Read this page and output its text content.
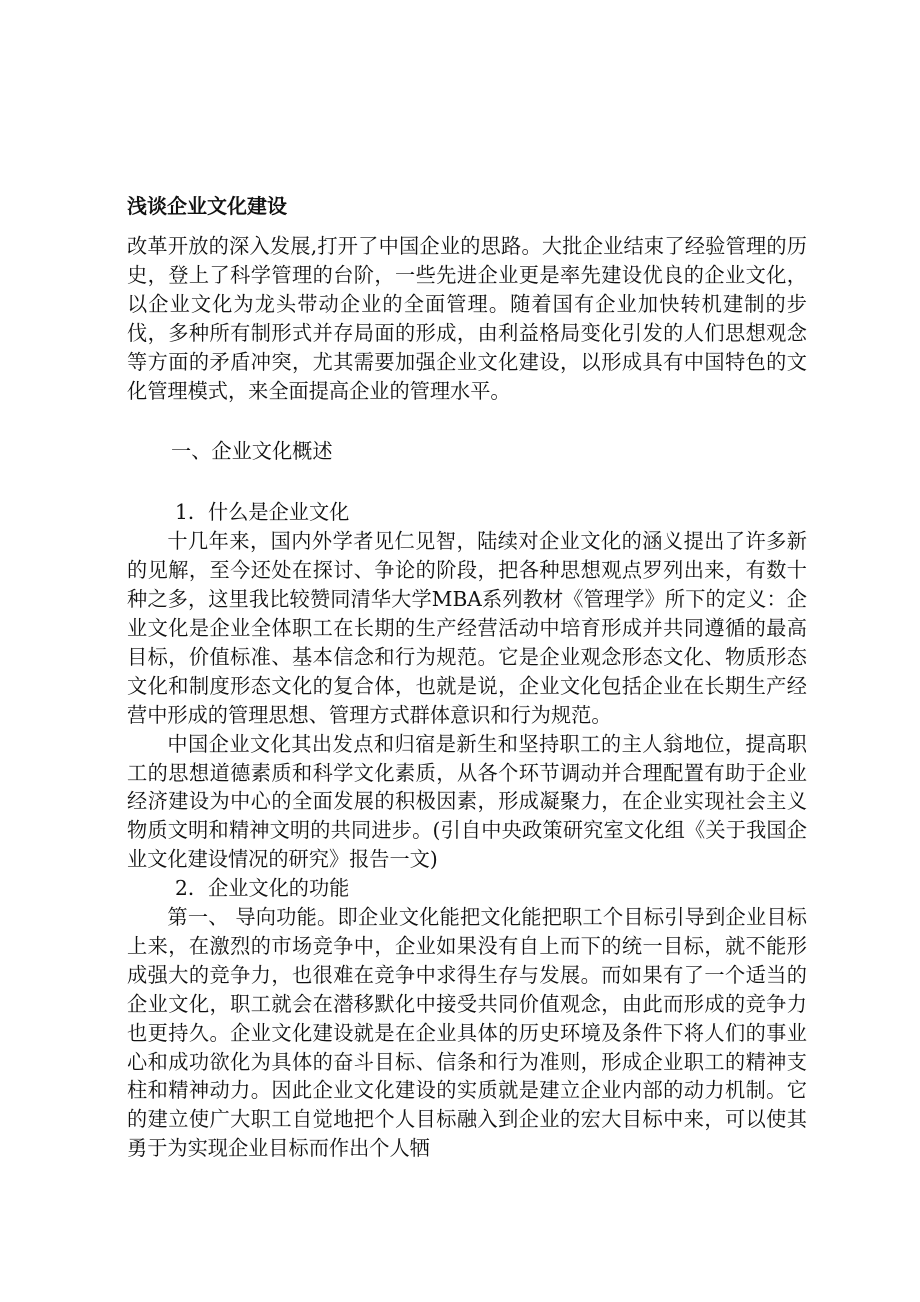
浅谈企业文化建设

改革开放的深入发展,打开了中国企业的思路。大批企业结束了经验管理的历史，登上了科学管理的台阶，一些先进企业更是率先建设优良的企业文化，以企业文化为龙头带动企业的全面管理。随着国有企业加快转机建制的步伐，多种所有制形式并存局面的形成，由利益格局变化引发的人们思想观念等方面的矛盾冲突，尤其需要加强企业文化建设，以形成具有中国特色的文化管理模式，来全面提高企业的管理水平。

一、企业文化概述

1．什么是企业文化

十几年来，国内外学者见仁见智，陆续对企业文化的涵义提出了许多新的见解，至今还处在探讨、争论的阶段，把各种思想观点罗列出来，有数十种之多，这里我比较赞同清华大学MBA系列教材《管理学》所下的定义：企业文化是企业全体职工在长期的生产经营活动中培育形成并共同遵循的最高目标，价值标准、基本信念和行为规范。它是企业观念形态文化、物质形态文化和制度形态文化的复合体，也就是说，企业文化包括企业在长期生产经营中形成的管理思想、管理方式群体意识和行为规范。

中国企业文化其出发点和归宿是新生和坚持职工的主人翁地位，提高职工的思想道德素质和科学文化素质，从各个环节调动并合理配置有助于企业经济建设为中心的全面发展的积极因素，形成凝聚力，在企业实现社会主义物质文明和精神文明的共同进步。(引自中央政策研究室文化组《关于我国企业文化建设情况的研究》报告一文)

2．企业文化的功能

第一、 导向功能。即企业文化能把文化能把职工个目标引导到企业目标上来，在激烈的市场竞争中，企业如果没有自上而下的统一目标，就不能形成强大的竞争力，也很难在竞争中求得生存与发展。而如果有了一个适当的企业文化，职工就会在潜移默化中接受共同价值观念，由此而形成的竞争力也更持久。企业文化建设就是在企业具体的历史环境及条件下将人们的事业心和成功欲化为具体的奋斗目标、信条和行为准则，形成企业职工的精神支柱和精神动力。因此企业文化建设的实质就是建立企业内部的动力机制。它的建立使广大职工自觉地把个人目标融入到企业的宏大目标中来，可以使其勇于为实现企业目标而作出个人牺
